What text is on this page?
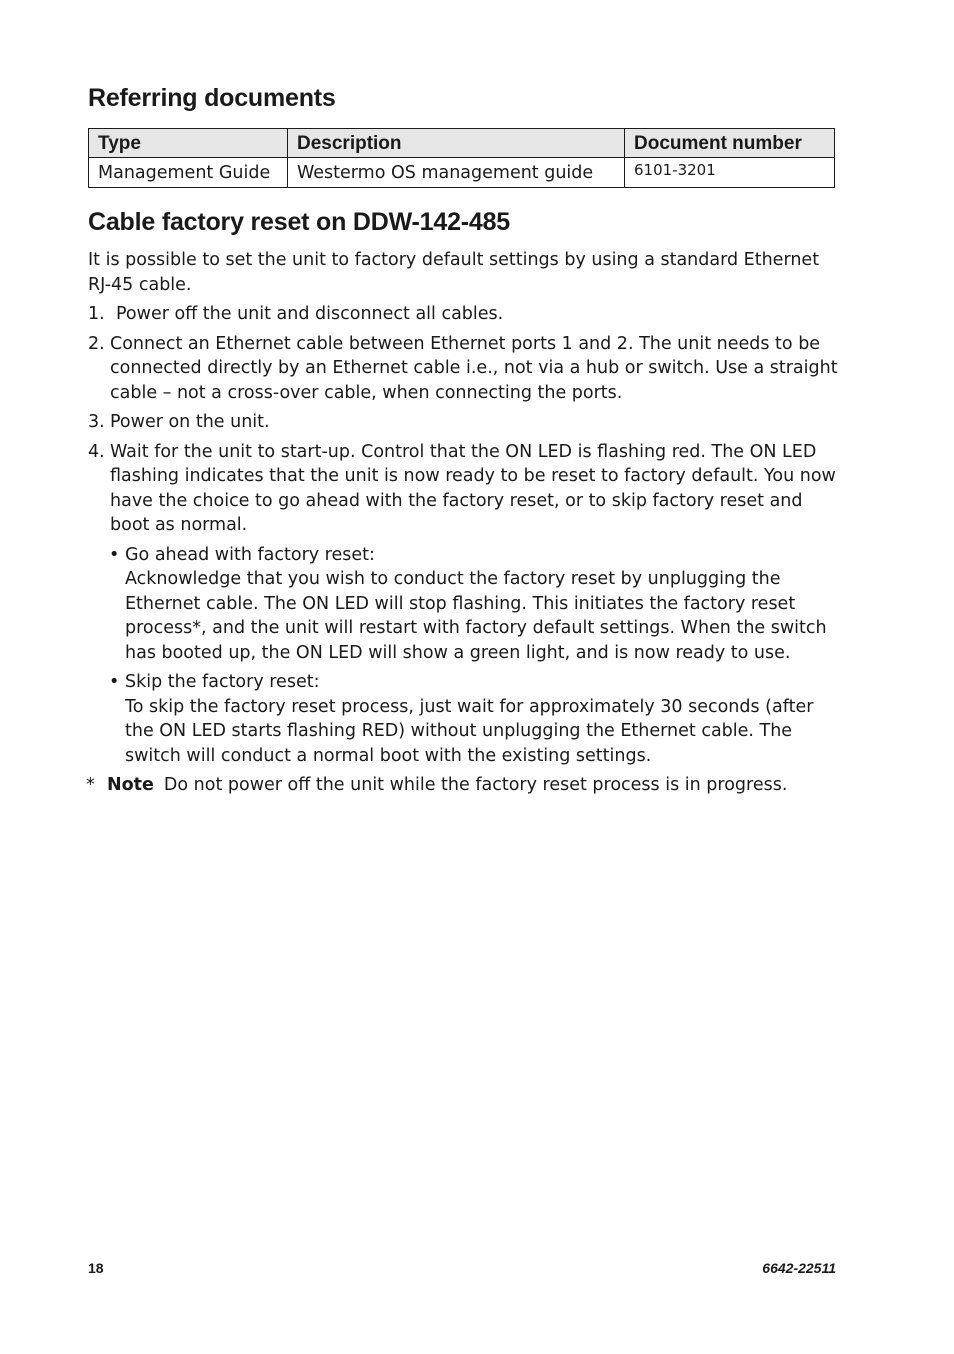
Referring documents
Type	Description	Document number
Management Guide	Westermo OS management guide	6101-3201
Cable factory reset on DDW-142-485

It is possible to set the unit to factory default settings by using a standard Ethernet RJ-45 cable.

1. Power off the unit and disconnect all cables.
2. Connect an Ethernet cable between Ethernet ports 1 and 2. The unit needs to be connected directly by an Ethernet cable i.e., not via a hub or switch. Use a straight cable – not a cross-over cable, when connecting the ports.
3. Power on the unit.
4. Wait for the unit to start-up. Control that the ON LED is flashing red. The ON LED flashing indicates that the unit is now ready to be reset to factory default. You now have the choice to go ahead with the factory reset, or to skip factory reset and boot as normal.
• Go ahead with factory reset:
Acknowledge that you wish to conduct the factory reset by unplugging the Ethernet cable. The ON LED will stop flashing. This initiates the factory reset process*, and the unit will restart with factory default settings. When the switch has booted up, the ON LED will show a green light, and is now ready to use.
• Skip the factory reset:
To skip the factory reset process, just wait for approximately 30 seconds (after the ON LED starts flashing RED) without unplugging the Ethernet cable. The switch will conduct a normal boot with the existing settings.
* Note Do not power off the unit while the factory reset process is in progress.
18	6642-22511
